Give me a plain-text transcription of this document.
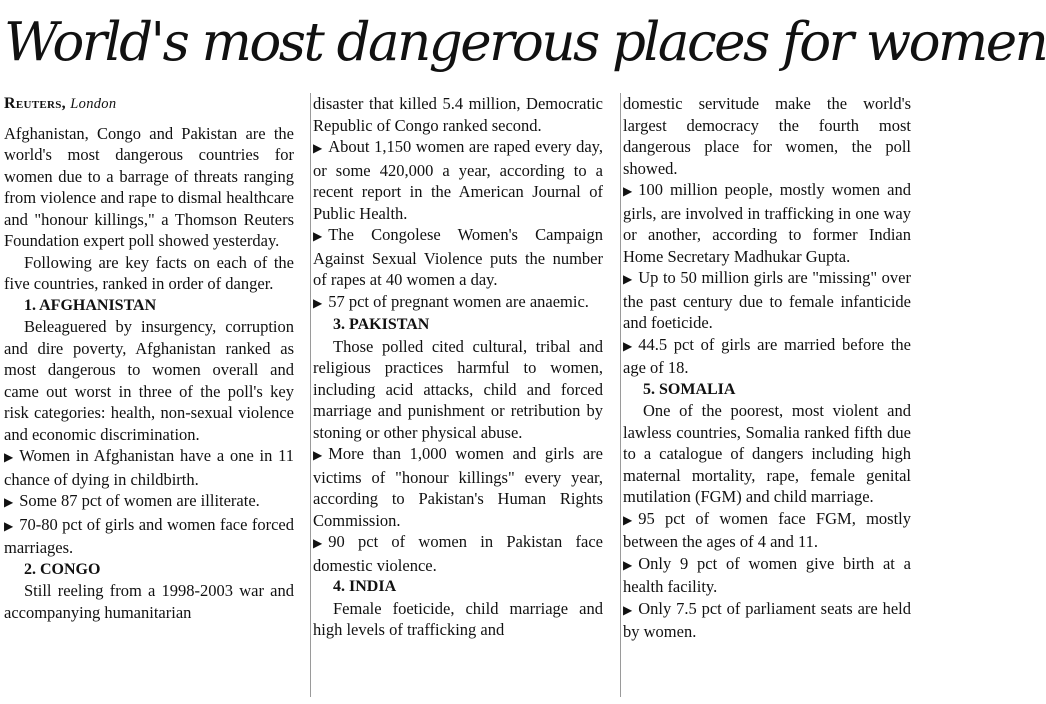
World's most dangerous places for women
Reuters, London

Afghanistan, Congo and Pakistan are the world's most dangerous countries for women due to a barrage of threats ranging from violence and rape to dismal healthcare and "honour killings," a Thomson Reuters Foundation expert poll showed yesterday.

Following are key facts on each of the five countries, ranked in order of danger.

1. AFGHANISTAN

Beleaguered by insurgency, corruption and dire poverty, Afghanistan ranked as most dangerous to women overall and came out worst in three of the poll's key risk categories: health, non-sexual violence and economic discrimination.

▶ Women in Afghanistan have a one in 11 chance of dying in childbirth.

▶ Some 87 pct of women are illiterate.

▶ 70-80 pct of girls and women face forced marriages.

2. CONGO

Still reeling from a 1998-2003 war and accompanying humanitarian

disaster that killed 5.4 million, Democratic Republic of Congo ranked second.

▶ About 1,150 women are raped every day, or some 420,000 a year, according to a recent report in the American Journal of Public Health.

▶ The Congolese Women's Campaign Against Sexual Violence puts the number of rapes at 40 women a day.

▶ 57 pct of pregnant women are anaemic.

3. PAKISTAN

Those polled cited cultural, tribal and religious practices harmful to women, including acid attacks, child and forced marriage and punishment or retribution by stoning or other physical abuse.

▶ More than 1,000 women and girls are victims of "honour killings" every year, according to Pakistan's Human Rights Commission.

▶ 90 pct of women in Pakistan face domestic violence.

4. INDIA

Female foeticide, child marriage and high levels of trafficking and

domestic servitude make the world's largest democracy the fourth most dangerous place for women, the poll showed.

▶ 100 million people, mostly women and girls, are involved in trafficking in one way or another, according to former Indian Home Secretary Madhukar Gupta.

▶ Up to 50 million girls are "missing" over the past century due to female infanticide and foeticide.

▶ 44.5 pct of girls are married before the age of 18.

5. SOMALIA

One of the poorest, most violent and lawless countries, Somalia ranked fifth due to a catalogue of dangers including high maternal mortality, rape, female genital mutilation (FGM) and child marriage.

▶ 95 pct of women face FGM, mostly between the ages of 4 and 11.

▶ Only 9 pct of women give birth at a health facility.

▶ Only 7.5 pct of parliament seats are held by women.
